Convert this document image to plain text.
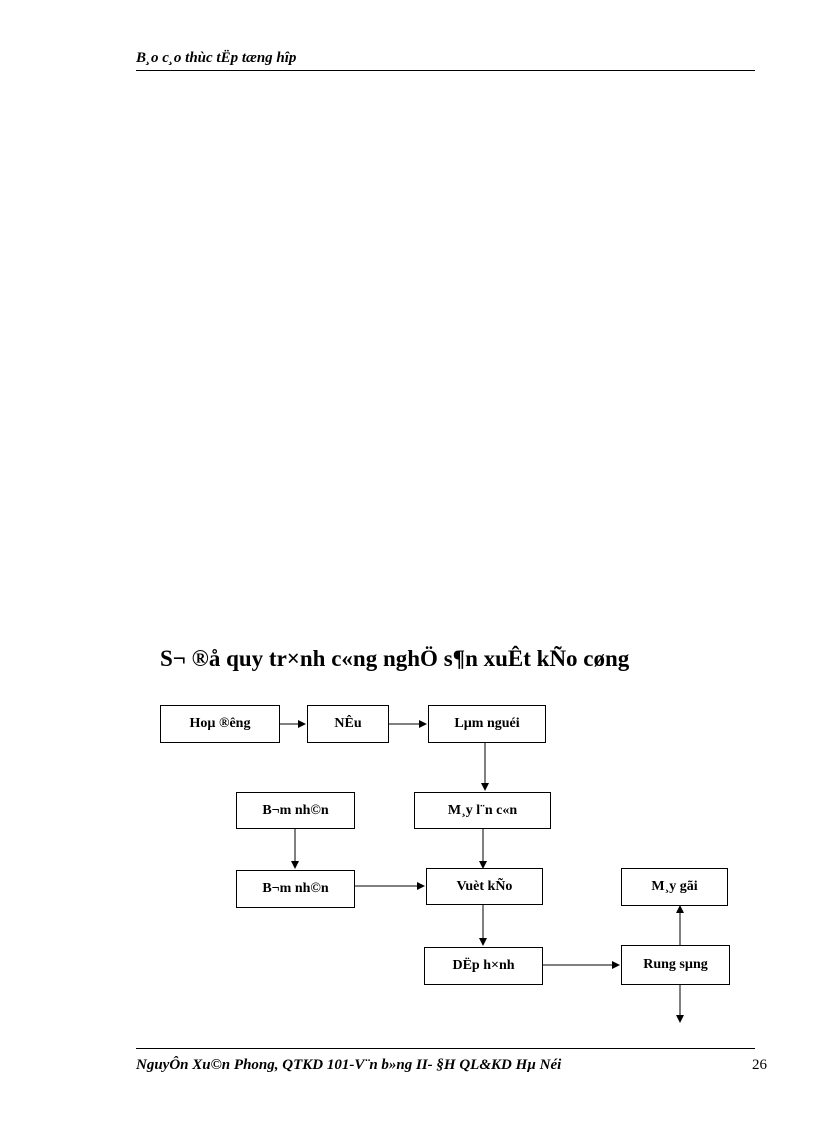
B¸o c¸o thùc tËp tæng hîp
S¬ ®å quy tr×nh c«ng nghÖ s¶n xuÊt kÑo cøng
Hoµ ®êng	NÊu	Lµm nguéi
M¸y l¨n c«n
B¬m nh©n
B¬m nh©n	Vuèt kÑo	M¸y gãi
DËp h×nh	Rung sµng
NguyÔn Xu©n Phong, QTKD 101-V¨n b»ng II- §H QL&KD Hµ Néi	26
